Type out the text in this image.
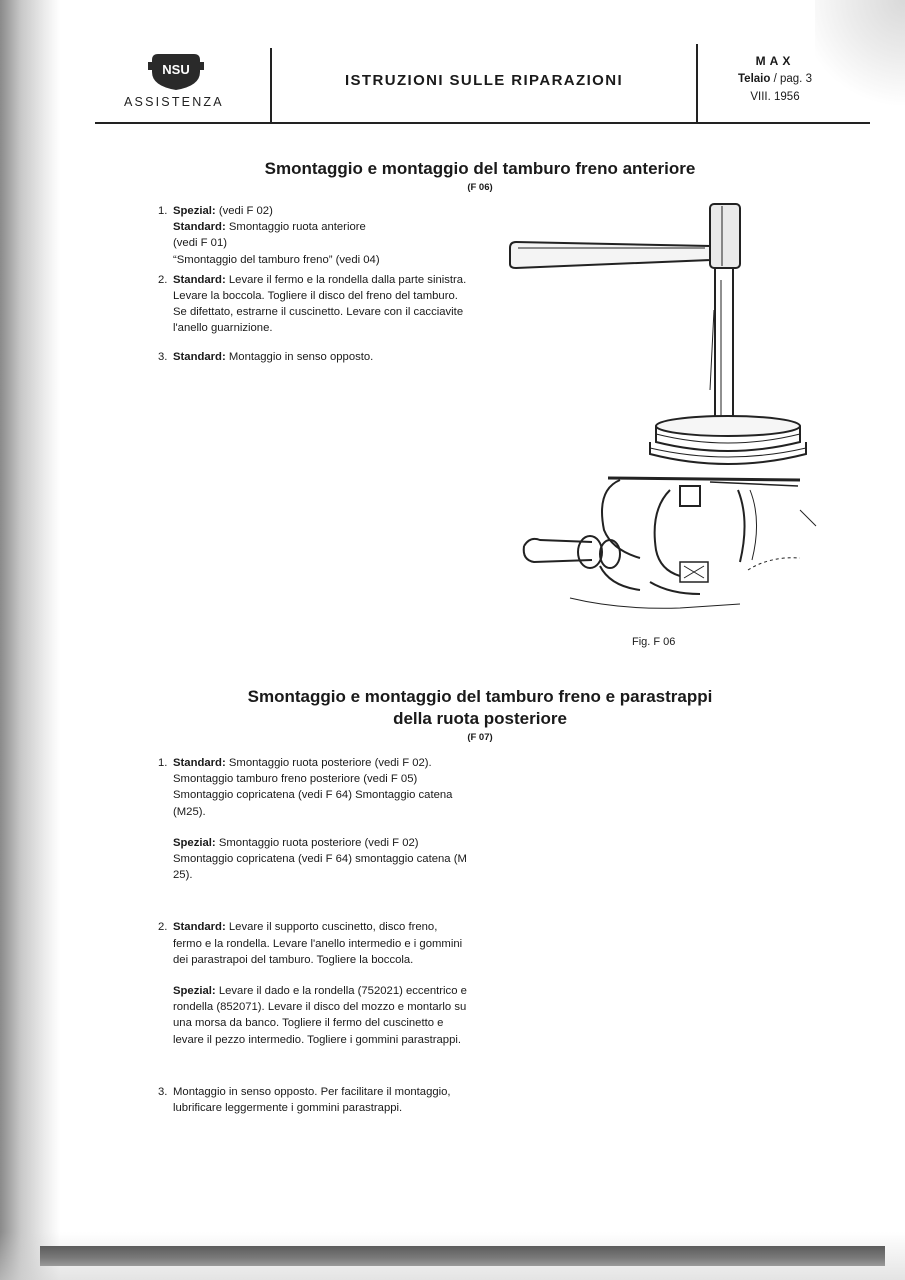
NSU
ASSISTENZA
ISTRUZIONI SULLE RIPARAZIONI
MAX
Telaio / pag. 3
VIII. 1956
Smontaggio e montaggio del tamburo freno anteriore
(F 06)
1. Spezial: (vedi F 02)
Standard: Smontaggio ruota anteriore
(vedi F 01)
“Smontaggio del tamburo freno” (vedi 04)
2. Standard: Levare il fermo e la rondella dalla parte sinistra. Levare la boccola. Togliere il disco del freno del tamburo. Se difettato, estrarne il cuscinetto. Levare con il cacciavite l'anello guarnizione.
3. Standard: Montaggio in senso opposto.
Fig. F 06
Smontaggio e montaggio del tamburo freno e parastrappi
della ruota posteriore
(F 07)
1. Standard: Smontaggio ruota posteriore (vedi F 02). Smontaggio tamburo freno posteriore (vedi F 05) Smontaggio copricatena (vedi F 64) Smontaggio catena (M25).
Spezial: Smontaggio ruota posteriore (vedi F 02) Smontaggio copricatena (vedi F 64) smontaggio catena (M 25).
2. Standard: Levare il supporto cuscinetto, disco freno, fermo e la rondella. Levare l'anello intermedio e i gommini dei parastrapoi del tamburo. Togliere la boccola.
Spezial: Levare il dado e la rondella (752021) eccentrico e rondella (852071). Levare il disco del mozzo e montarlo su una morsa da banco. Togliere il fermo del cuscinetto e levare il pezzo intermedio. Togliere i gommini parastrappi.
3. Montaggio in senso opposto. Per facilitare il montaggio, lubrificare leggermente i gommini parastrappi.
